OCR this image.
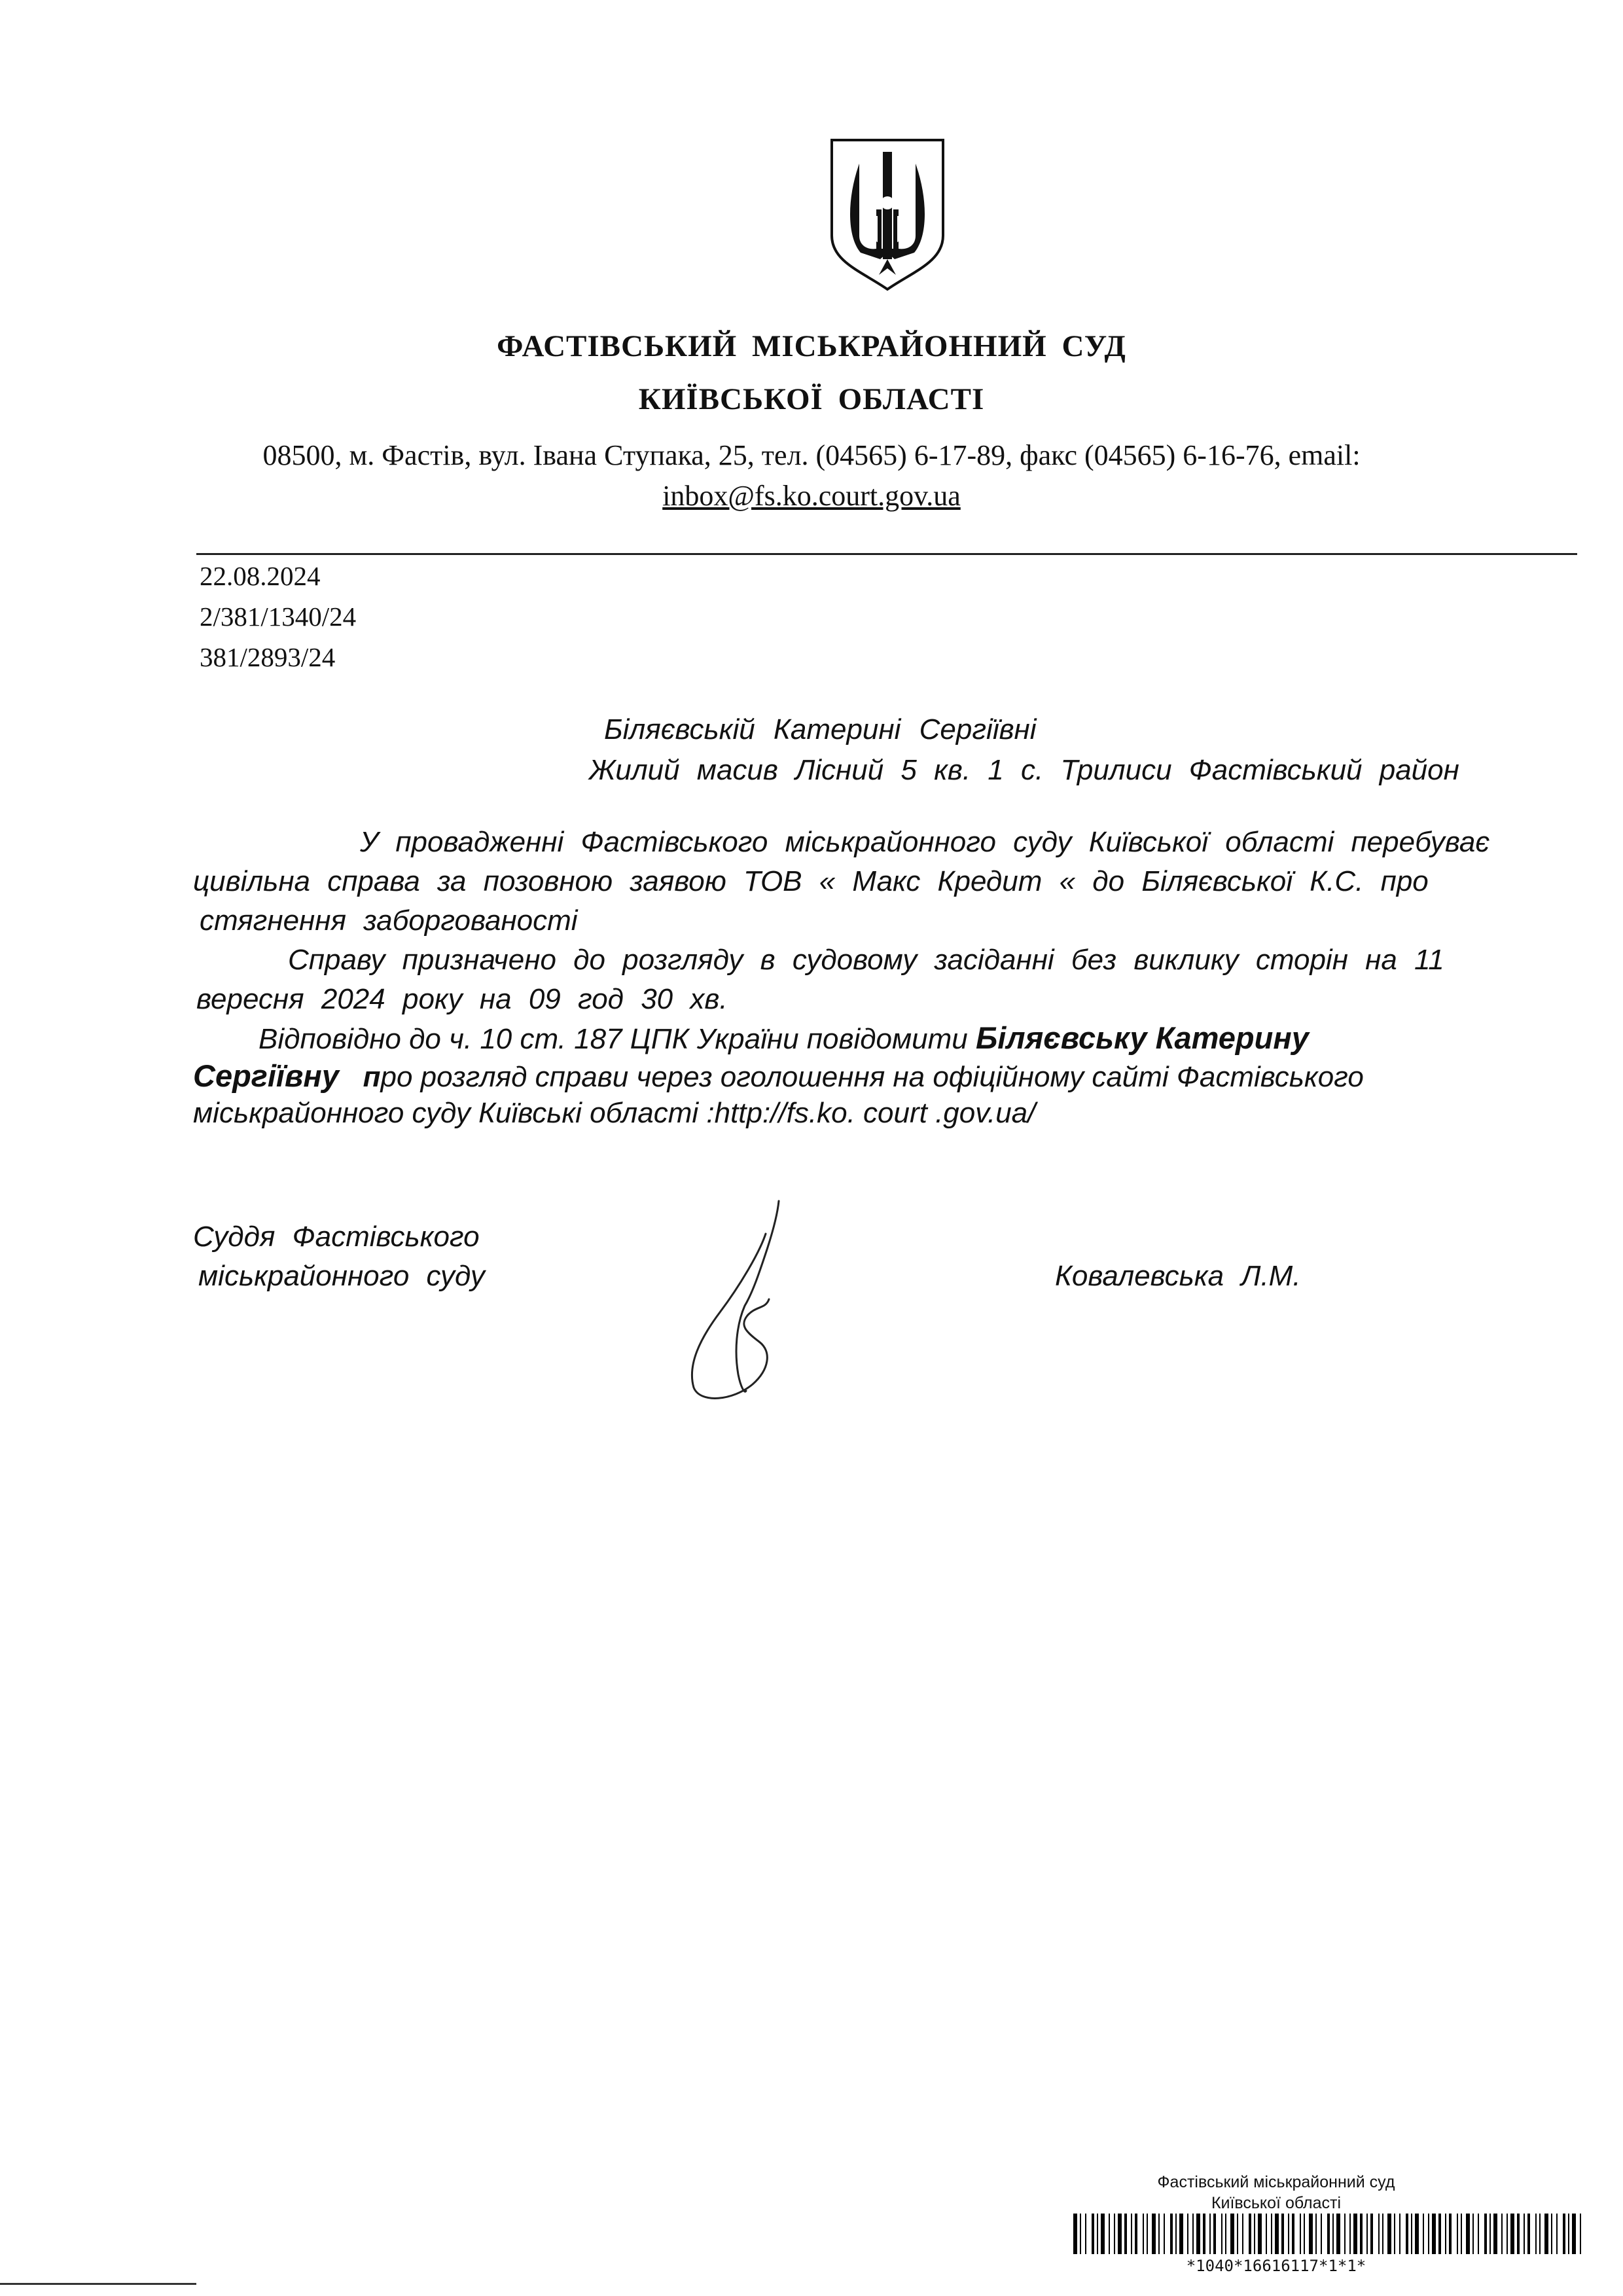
ФАСТІВСЬКИЙ МІСЬКРАЙОННИЙ СУД
КИЇВСЬКОЇ ОБЛАСТІ
08500, м. Фастів, вул. Івана Ступака, 25, тел. (04565) 6-17-89, факс (04565) 6-16-76, email:
inbox@fs.ko.court.gov.ua
22.08.2024
2/381/1340/24
381/2893/24
Біляєвській Катерині Сергіївні
Жилий масив Лісний 5 кв. 1 с. Трилиси Фастівський район
У провадженні Фастівського міськрайонного суду Київської області перебуває
цивільна справа за позовною заявою ТОВ « Макс Кредит « до Біляєвської К.С. про
стягнення заборгованості
Справу призначено до розгляду в судовому засіданні без виклику сторін на 11
вересня 2024 року на 09 год 30 хв.
Відповідно до ч. 10 ст. 187 ЦПК України повідомити Біляєвську Катерину
Сергіївну про розгляд справи через оголошення на офіційному сайті Фастівського
міськрайонного суду Київські області :http://fs.ko. court .gov.ua/
Суддя Фастівського
міськрайонного суду	Ковалевська Л.М.
Фастівський міськрайонний суд
Київської області
*1040*16616117*1*1*
